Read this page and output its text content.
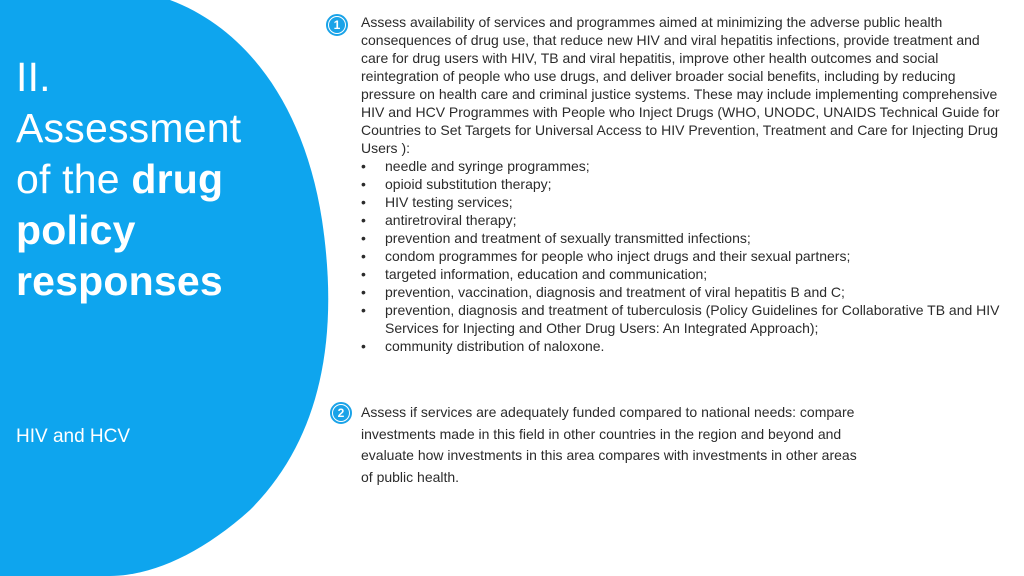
II.
Assessment
of the drug
policy
responses
HIV and HCV
1	Assess availability of services and programmes aimed at minimizing the adverse public health consequences of drug use, that reduce new HIV and viral hepatitis infections, provide treatment and care for drug users with HIV, TB and viral hepatitis, improve other health outcomes and social reintegration of people who use drugs, and deliver broader social benefits, including by reducing pressure on health care and criminal justice systems. These may include implementing comprehensive HIV and HCV Programmes with People who Inject Drugs (WHO, UNODC, UNAIDS Technical Guide for Countries to Set Targets for Universal Access to HIV Prevention, Treatment and Care for Injecting Drug Users ):

• needle and syringe programmes;
• opioid substitution therapy;
• HIV testing services;
• antiretroviral therapy;
• prevention and treatment of sexually transmitted infections;
• condom programmes for people who inject drugs and their sexual partners;
• targeted information, education and communication;
• prevention, vaccination, diagnosis and treatment of viral hepatitis B and C;
• prevention, diagnosis and treatment of tuberculosis (Policy Guidelines for Collaborative TB and HIV Services for Injecting and Other Drug Users: An Integrated Approach);
• community distribution of naloxone.
2	Assess if services are adequately funded compared to national needs: compare investments made in this field in other countries in the region and beyond and evaluate how investments in this area compares with investments in other areas of public health.
